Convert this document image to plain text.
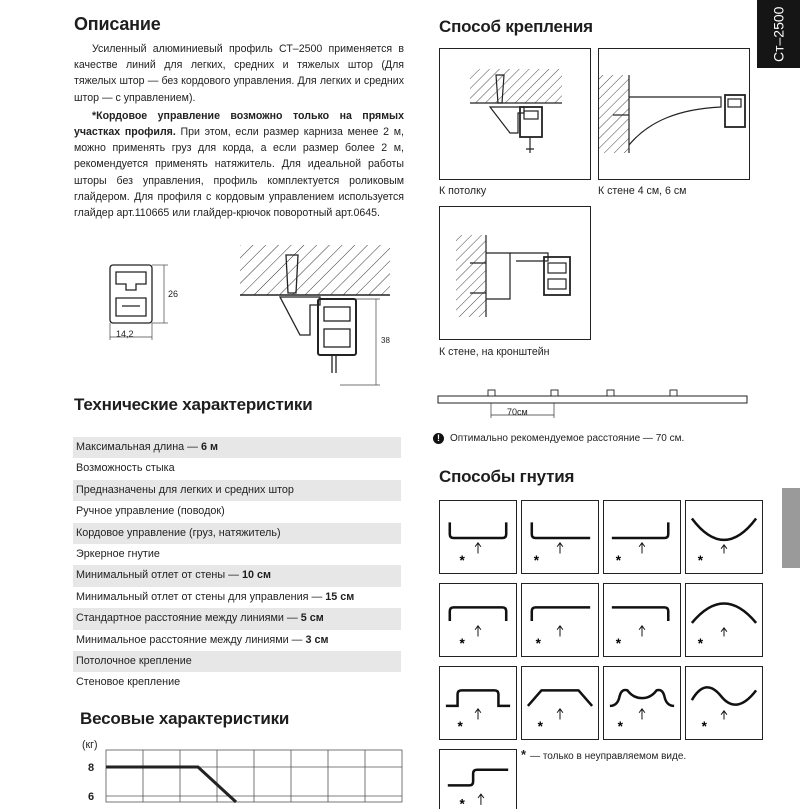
Ст–2500
Описание

Усиленный алюминиевый профиль СТ–2500 применяется в качестве линий для легких, средних и тяжелых штор (Для тяжелых штор — без кордового управления. Для легких и средних штор — с управлением).

*Кордовое управление возможно только на прямых участках профиля. При этом, если размер карниза менее 2 м, можно применять груз для корда, а если размер более 2 м, рекомендуется применять натяжитель. Для идеальной работы шторы без управления, профиль комплектуется роликовым глайдером. Для профиля с кордовым управлением используется глайдер арт.110665 или глайдер-крючок поворотный арт.0645.

26
14,2
38
Технические характеристики
Максимальная длина — 6 м
Возможность стыка
Предназначены для легких и средних штор
Ручное управление (поводок)
Кордовое управление (груз, натяжитель)
Эркерное гнутие
Минимальный отлет от стены — 10 см
Минимальный отлет от стены для управления — 15 см
Стандартное расстояние между линиями — 5 см
Минимальное расстояние между линиями — 3 см
Потолочное крепление
Стеновое крепление
Весовые характеристики
(кг)
8
6
Способ крепления
К потолку	К стене 4 см, 6 см
К стене, на кронштейн
70см
!	Оптимально рекомендуемое расстояние — 70 см.
Способы гнутия
*	*	*	*
*	*	*	*
*	*	*	*
*
* — только в неуправляемом виде.
